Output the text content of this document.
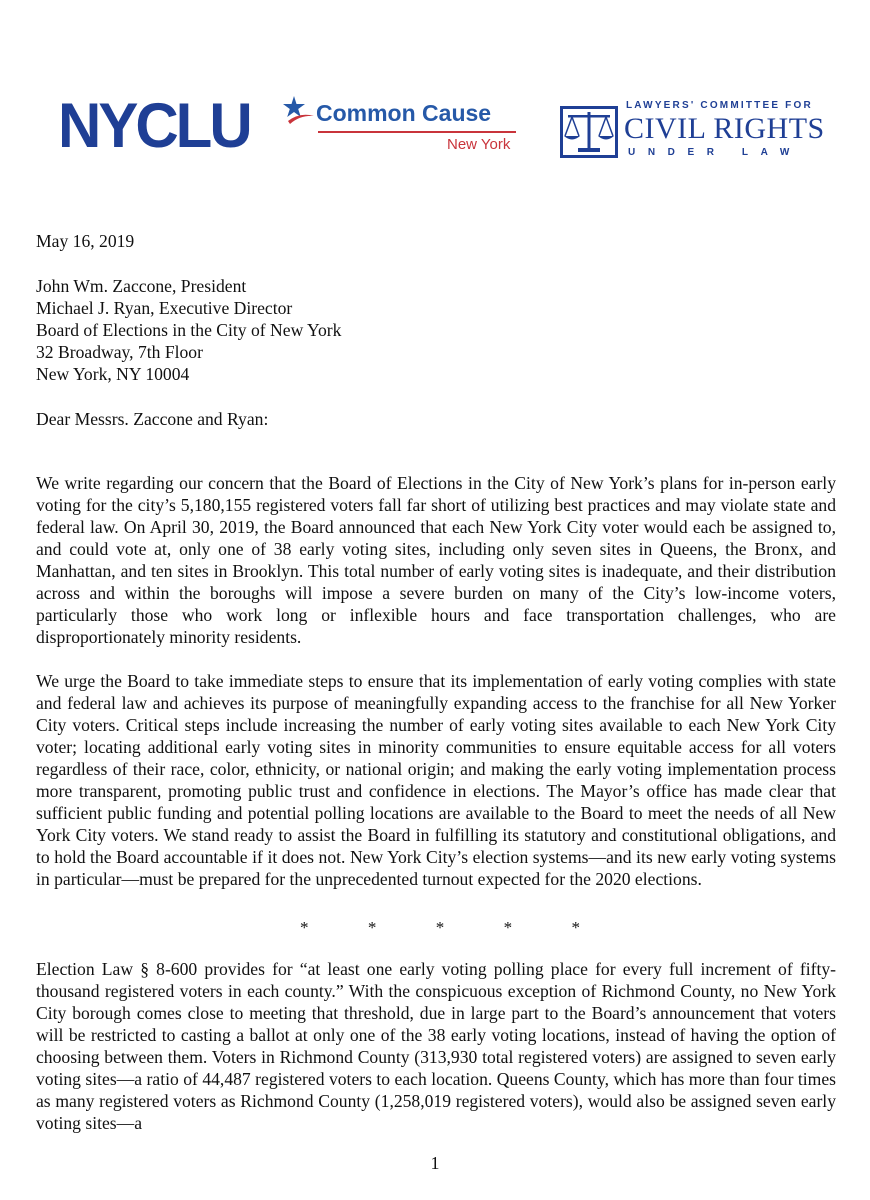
NYCLU	Common Cause
New York
LAWYERS' COMMITTEE FOR
CIVIL RIGHTS
UNDER LAW
May 16, 2019
John Wm. Zaccone, President
Michael J. Ryan, Executive Director
Board of Elections in the City of New York
32 Broadway, 7th Floor
New York, NY 10004
Dear Messrs. Zaccone and Ryan:
We write regarding our concern that the Board of Elections in the City of New York’s plans for in-person early voting for the city’s 5,180,155 registered voters fall far short of utilizing best practices and may violate state and federal law. On April 30, 2019, the Board announced that each New York City voter would each be assigned to, and could vote at, only one of 38 early voting sites, including only seven sites in Queens, the Bronx, and Manhattan, and ten sites in Brooklyn. This total number of early voting sites is inadequate, and their distribution across and within the boroughs will impose a severe burden on many of the City’s low-income voters, particularly those who work long or inflexible hours and face transportation challenges, who are disproportionately minority residents.
We urge the Board to take immediate steps to ensure that its implementation of early voting complies with state and federal law and achieves its purpose of meaningfully expanding access to the franchise for all New Yorker City voters. Critical steps include increasing the number of early voting sites available to each New York City voter; locating additional early voting sites in minority communities to ensure equitable access for all voters regardless of their race, color, ethnicity, or national origin; and making the early voting implementation process more transparent, promoting public trust and confidence in elections. The Mayor’s office has made clear that sufficient public funding and potential polling locations are available to the Board to meet the needs of all New York City voters. We stand ready to assist the Board in fulfilling its statutory and constitutional obligations, and to hold the Board accountable if it does not. New York City’s election systems—and its new early voting systems in particular—must be prepared for the unprecedented turnout expected for the 2020 elections.
*	*	*	*	*
Election Law § 8-600 provides for “at least one early voting polling place for every full increment of fifty-thousand registered voters in each county.” With the conspicuous exception of Richmond County, no New York City borough comes close to meeting that threshold, due in large part to the Board’s announcement that voters will be restricted to casting a ballot at only one of the 38 early voting locations, instead of having the option of choosing between them. Voters in Richmond County (313,930 total registered voters) are assigned to seven early voting sites—a ratio of 44,487 registered voters to each location. Queens County, which has more than four times as many registered voters as Richmond County (1,258,019 registered voters), would also be assigned seven early voting sites—a
1
